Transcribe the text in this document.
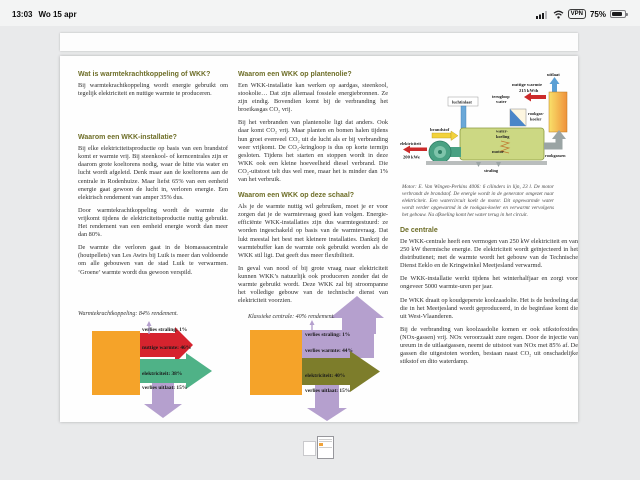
13:03 Wo 15 apr	VPN 75%
Wat is warmtekrachtkoppeling of WKK?

Bij warmtekrachtkoppeling wordt energie gebruikt om tegelijk elektriciteit en nuttige warmte te produceren.

Waarom een WKK-installatie?

Bij elke elektriciteitsproductie op basis van een brandstof komt er warmte vrij. Bij steenkool- of kerncentrales zijn er daarom grote koeltorens nodig, waar de hitte via water en lucht wordt afgeleid. Denk maar aan de koeltorens aan de centrale in Rodenhuize. Maar liefst 65% van een eenheid energie gaat gewoon de lucht in, verloren energie. Een elektrisch rendement van amper 35% dus.

Door warmtekrachtkoppeling wordt de warmte die vrijkomt tijdens de elektriciteitsproductie nuttig gebruikt. Het rendement van een eenheid energie wordt dan meer dan 80%.

De warmte die verloren gaat in de biomassacentrale (houtpellets) van Les Awirs bij Luik is meer dan voldoende om alle gebouwen van de stad Luik te verwarmen. ‘Groene’ warmte wordt dus gewoon verspild.

Waarom een WKK op plantenolie?

Een WKK-installatie kan werken op aardgas, steenkool, stookolie… Dat zijn allemaal fossiele energiebronnen. Ze zijn eindig. Bovendien komt bij de verbranding het broeikasgas CO₂ vrij.

Bij het verbranden van plantenolie ligt dat anders. Ook daar komt CO₂ vrij. Maar planten en bomen halen tijdens hun groei evenveel CO₂ uit de lucht als er bij verbranding weer vrijkomt. De CO₂-kringloop is dus op korte termijn gesloten. Tijdens het starten en stoppen wordt in deze WKK ook een kleine hoeveelheid diesel verbrand. Die CO₂-uitstoot telt dus wel mee, maar het is minder dan 1% van het verbruik.

Waarom een WKK op deze schaal?

Als je de warmte nuttig wil gebruiken, moet je er voor zorgen dat je de warmtevraag goed kan volgen. Energie-efficiënte WKK-installaties zijn dus warmtegestuurd: ze worden ingeschakeld op basis van de warmtevraag. Dat lukt meestal het best met kleinere installaties. Dankzij de warmtebuffer kan de warmte ook gebruikt worden als de WKK stil ligt. Dat geeft dus meer flexibiliteit.

In geval van nood of bij grote vraag naar elektriciteit kunnen WKK’s natuurlijk ook produceren zonder dat de warmte gebruikt wordt. Deze WKK zal bij stroompanne het volledige gebouw van de technische dienst van elektriciteit voorzien.

uitlaat
nuttige warmte
215 kWth
luchtinlaat
terugloop
water
rookgas-
koeler
water-
koeling
motor
brandstof
elektriciteit
200 kWe	rookgassen
straling

Motor: E. Van Wingen-Perkins 4006: 6 cilinders in lijn, 23 l. De motor verbrandt de brandstof. De energie wordt in de generator omgezet naar elektriciteit. Een watercircuit koelt de motor. Dit opgewarmde water wordt verder opgewarmd in de rookgas-koeler en verwarmt vervolgens het gebouw. Na afkoeling komt het water terug in het circuit.

De centrale

De WKK-centrale heeft een vermogen van 250 kW elektriciteit en van 250 kW thermische energie. De elektriciteit wordt geïnjecteerd in het distributienet; met de warmte wordt het gebouw van de Technische Dienst Eeklo en de Kringwinkel Meetjesland verwarmd.

De WKK-installatie werkt tijdens het winterhalfjaar en zorgt voor ongeveer 5000 warmte-uren per jaar.

De WKK draait op koudgeperste koolzaadolie. Het is de bedoeling dat die in het Meetjesland wordt geproduceerd, in de beginfase komt die uit West-Vlaanderen.

Bij de verbranding van koolzaadolie komen er ook stikstofoxides (NOx-gassen) vrij. NOx veroorzaakt zure regen. Door de injectie van ureum in de uitlaatgassen, neemt de uitstoot van NOx met 85% af. De gassen die uitgestoten worden, bestaan naast CO₂ uit onschadelijke stikstof en dito waterdamp.

Warmtekrachtkoppeling: 84% rendement.
verlies straling: 1%
nuttige warmte: 46%
elektriciteit: 38%
verlies uitlaat: 15%
Klassieke centrale: 40% rendement.
verlies straling: 1%
verlies warmte: 44%
elektriciteit: 40%
verlies uitlaat: 15%
